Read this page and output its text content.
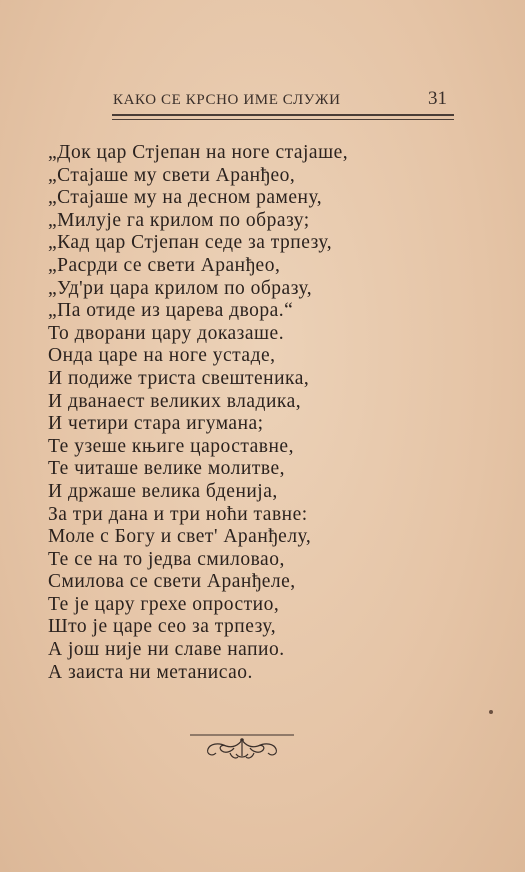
КАКО СЕ КРСНО ИМЕ СЛУЖИ	31
„Док цар Стјепан на ноге стајаше,
„Стајаше му свети Аранђео,
„Стајаше му на десном рамену,
„Милује га крилом по образу;
„Кад цар Стјепан седе за трпезу,
„Расрди се свети Аранђео,
„Уд'ри цара крилом по образу,
„Па отиде из царева двора.“
То дворани цару доказаше.
Онда царе на ноге устаде,
И подиже триста свештеника,
И дванаест великих владика,
И четири стара игумана;
Те узеше књиге цароставне,
Те читаше велике молитве,
И држаше велика бденија,
За три дана и три ноћи тавне:
Моле с Богу и свет' Аранђелу,
Те се на то једва смиловао,
Смилова се свети Аранђеле,
Те је цару грехе опростио,
Што је царе сео за трпезу,
А још није ни славе напио.
А заиста ни метанисао.
